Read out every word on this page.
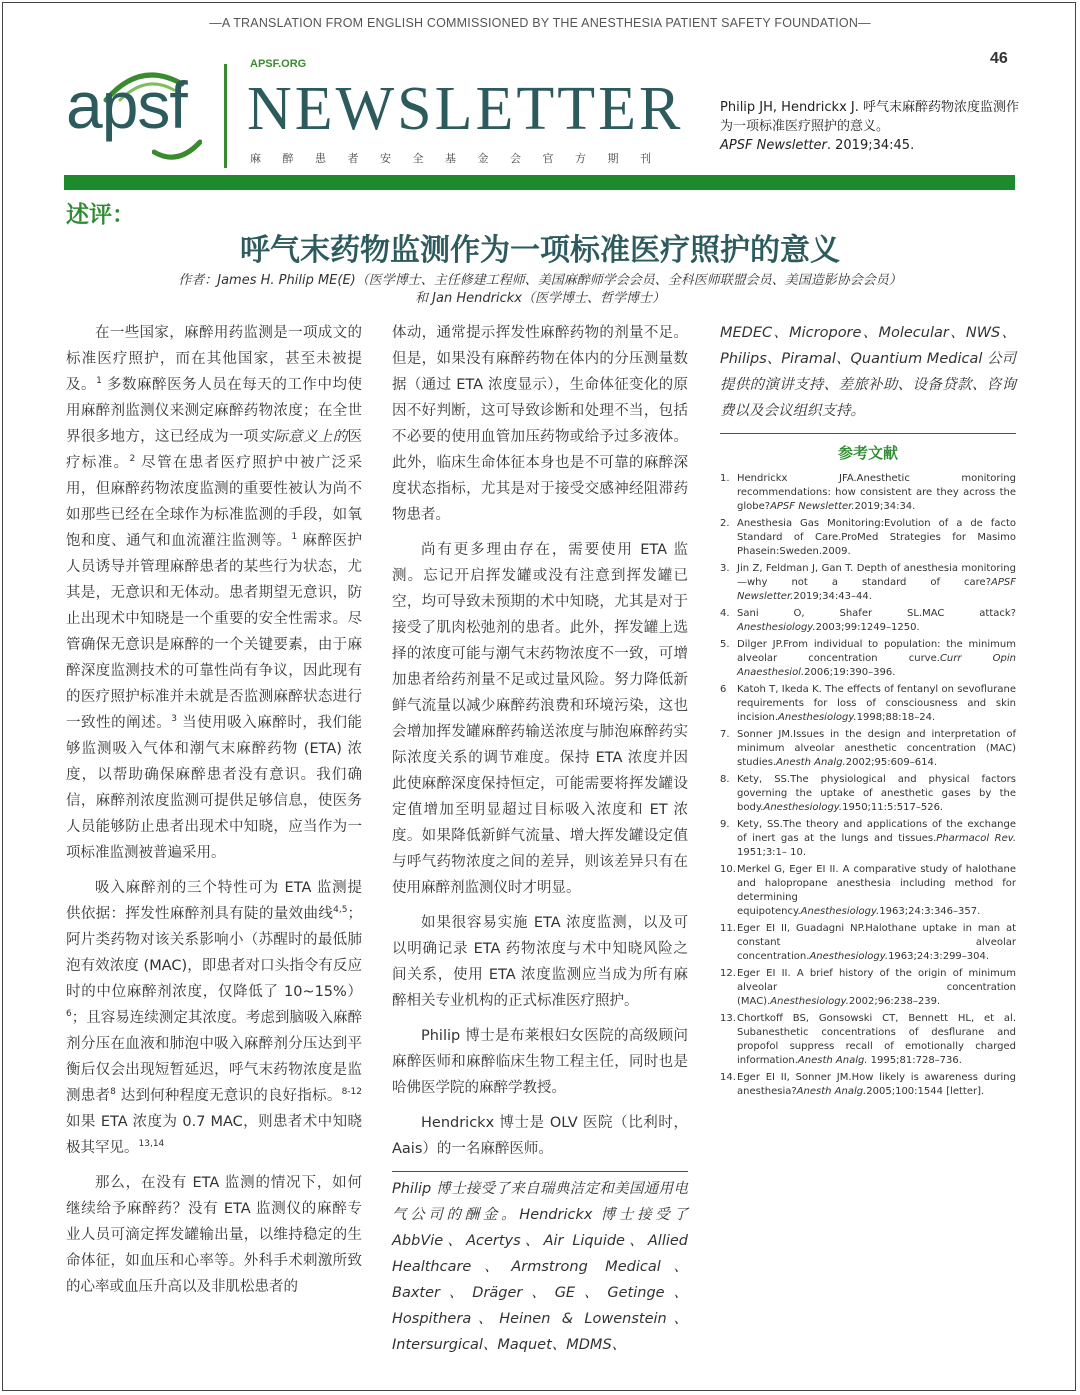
—A TRANSLATION FROM ENGLISH COMMISSIONED BY THE ANESTHESIA PATIENT SAFETY FOUNDATION—
46
apsf
APSF.ORG
NEWSLETTER
麻醉患者安全基金会官方期刊
Philip JH, Hendrickx J. 呼气末麻醉药物浓度监测作为一项标准医疗照护的意义。
APSF Newsletter. 2019;34:45.
述评：
呼气末药物监测作为一项标准医疗照护的意义
作者：James H. Philip ME(E)（医学博士、主任修建工程师、美国麻醉师学会会员、全科医师联盟会员、美国造影协会会员）
和 Jan Hendrickx（医学博士、哲学博士）

在一些国家，麻醉用药监测是一项成文的标准医疗照护，而在其他国家，甚至未被提及。$^1$ 多数麻醉医务人员在每天的工作中均使用麻醉剂监测仪来测定麻醉药物浓度；在全世界很多地方，这已经成为一项实际意义上的医疗标准。$^2$ 尽管在患者医疗照护中被广泛采用，但麻醉药物浓度监测的重要性被认为尚不如那些已经在全球作为标准监测的手段，如氧饱和度、通气和血流灌注监测等。$^1$ 麻醉医护人员诱导并管理麻醉患者的某些行为状态，尤其是，无意识和无体动。患者期望无意识，防止出现术中知晓是一个重要的安全性需求。尽管确保无意识是麻醉的一个关键要素，由于麻醉深度监测技术的可靠性尚有争议，因此现有的医疗照护标准并未就是否监测麻醉状态进行一致性的阐述。$^3$ 当使用吸入麻醉时，我们能够监测吸入气体和潮气末麻醉药物 (ETA) 浓度，以帮助确保麻醉患者没有意识。我们确信，麻醉剂浓度监测可提供足够信息，使医务人员能够防止患者出现术中知晓，应当作为一项标准监测被普遍采用。

吸入麻醉剂的三个特性可为 ETA 监测提供依据：挥发性麻醉剂具有陡的量效曲线$^{4,5}$；阿片类药物对该关系影响小（苏醒时的最低肺泡有效浓度 (MAC)，即患者对口头指令有反应时的中位麻醉剂浓度，仅降低了 10~15%）$^6$；且容易连续测定其浓度。考虑到脑吸入麻醉剂分压在血液和肺泡中吸入麻醉剂分压达到平衡后仅会出现短暂延迟，呼气末药物浓度是监测患者$^8$ 达到何种程度无意识的良好指标。$^{8-12}$ 如果 ETA 浓度为 0.7 MAC，则患者术中知晓极其罕见。$^{13,14}$

那么，在没有 ETA 监测的情况下，如何继续给予麻醉药？没有 ETA 监测仪的麻醉专业人员可滴定挥发罐输出量，以维持稳定的生命体征，如血压和心率等。外科手术刺激所致的心率或血压升高以及非肌松患者的

体动，通常提示挥发性麻醉药物的剂量不足。但是，如果没有麻醉药物在体内的分压测量数据（通过 ETA 浓度显示），生命体征变化的原因不好判断，这可导致诊断和处理不当，包括不必要的使用血管加压药物或给予过多液体。此外，临床生命体征本身也是不可靠的麻醉深度状态指标，尤其是对于接受交感神经阻滞药物患者。

尚有更多理由存在，需要使用 ETA 监测。忘记开启挥发罐或没有注意到挥发罐已空，均可导致未预期的术中知晓，尤其是对于接受了肌肉松弛剂的患者。此外，挥发罐上选择的浓度可能与潮气末药物浓度不一致，可增加患者给药剂量不足或过量风险。努力降低新鲜气流量以减少麻醉药浪费和环境污染，这也会增加挥发罐麻醉药输送浓度与肺泡麻醉药实际浓度关系的调节难度。保持 ETA 浓度并因此使麻醉深度保持恒定，可能需要将挥发罐设定值增加至明显超过目标吸入浓度和 ET 浓度。如果降低新鲜气流量、增大挥发罐设定值与呼气药物浓度之间的差异，则该差异只有在使用麻醉剂监测仪时才明显。

如果很容易实施 ETA 浓度监测，以及可以明确记录 ETA 药物浓度与术中知晓风险之间关系，使用 ETA 浓度监测应当成为所有麻醉相关专业机构的正式标准医疗照护。

Philip 博士是布莱根妇女医院的高级顾问麻醉医师和麻醉临床生物工程主任，同时也是哈佛医学院的麻醉学教授。

Hendrickx 博士是 OLV 医院（比利时，Aais）的一名麻醉医师。

Philip 博士接受了来自瑞典洁定和美国通用电气公司的酬金。Hendrickx 博士接受了 AbbVie、Acertys、Air Liquide、Allied Healthcare、Armstrong Medical、Baxter、Dräger、GE、Getinge、Hospithera、Heinen & Lowenstein、Intersurgical、Maquet、MDMS、

MEDEC、Micropore、Molecular、NWS、Philips、Piramal、Quantium Medical 公司提供的演讲支持、差旅补助、设备贷款、咨询费以及会议组织支持。

参考文献
1. Hendrickx JFA.Anesthetic monitoring recommendations: how consistent are they across the globe?APSF Newsletter.2019;34:34.
2. Anesthesia Gas Monitoring:Evolution of a de facto Standard of Care.ProMed Strategies for Masimo Phasein:Sweden.2009.
3. Jin Z, Feldman J, Gan T. Depth of anesthesia monitoring—why not a standard of care?APSF Newsletter.2019;34:43–44.
4. Sani O, Shafer SL.MAC attack?Anesthesiology.2003;99:1249–1250.
5. Dilger JP.From individual to population: the minimum alveolar concentration curve.Curr Opin Anaesthesiol.2006;19:390–396.
6 Katoh T, Ikeda K. The effects of fentanyl on sevoflurane requirements for loss of consciousness and skin incision.Anesthesiology.1998;88:18–24.
7. Sonner JM.Issues in the design and interpretation of minimum alveolar anesthetic concentration (MAC) studies.Anesth Analg.2002;95:609–614.
8. Kety, SS.The physiological and physical factors governing the uptake of anesthetic gases by the body.Anesthesiology.1950;11:5:517–526.
9. Kety, SS.The theory and applications of the exchange of inert gas at the lungs and tissues.Pharmacol Rev. 1951;3:1– 10.
10. Merkel G, Eger EI II. A comparative study of halothane and halopropane anesthesia including method for determining equipotency.Anesthesiology.1963;24:3:346–357.
11. Eger EI II, Guadagni NP.Halothane uptake in man at constant alveolar concentration.Anesthesiology.1963;24:3:299–304.
12. Eger EI II. A brief history of the origin of minimum alveolar concentration (MAC).Anesthesiology.2002;96:238–239.
13. Chortkoff BS, Gonsowski CT, Bennett HL, et al. Subanesthetic concentrations of desflurane and propofol suppress recall of emotionally charged information.Anesth Analg. 1995;81:728–736.
14. Eger EI II, Sonner JM.How likely is awareness during anesthesia?Anesth Analg.2005;100:1544 [letter].
